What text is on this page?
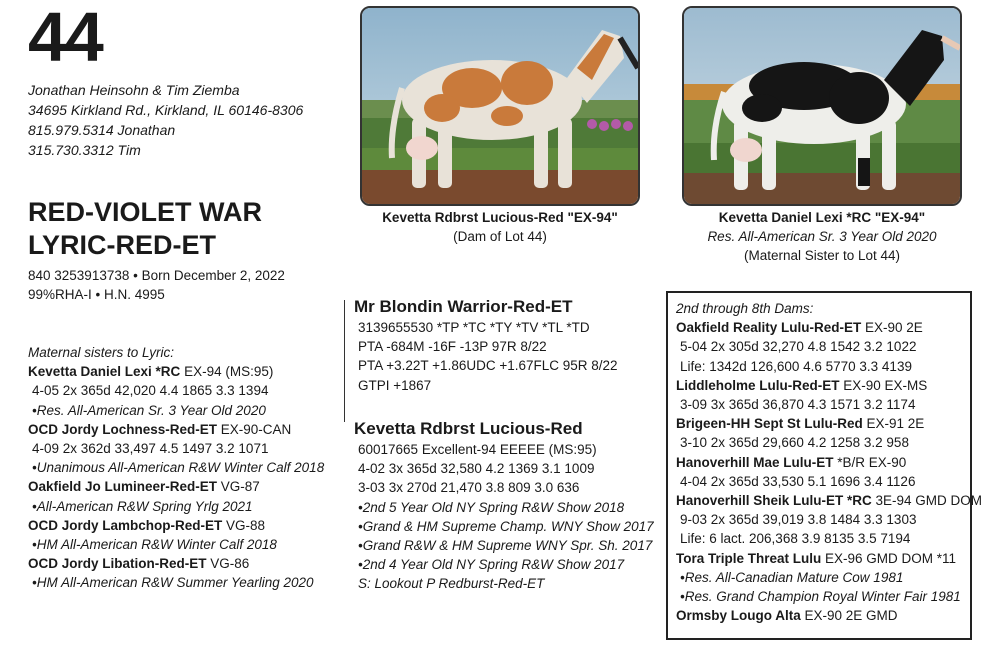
44
Jonathan Heinsohn & Tim Ziemba
34695 Kirkland Rd., Kirkland, IL 60146-8306
815.979.5314 Jonathan
315.730.3312 Tim
RED-VIOLET WAR
LYRIC-RED-ET
840 3253913738 • Born December 2, 2022
99%RHA-I • H.N. 4995
Maternal sisters to Lyric:
Kevetta Daniel Lexi *RC EX-94 (MS:95)
4-05 2x 365d 42,020 4.4 1865 3.3 1394
•Res. All-American Sr. 3 Year Old 2020
OCD Jordy Lochness-Red-ET EX-90-CAN
4-09 2x 362d 33,497 4.5 1497 3.2 1071
•Unanimous All-American R&W Winter Calf 2018
Oakfield Jo Lumineer-Red-ET VG-87
•All-American R&W Spring Yrlg 2021
OCD Jordy Lambchop-Red-ET VG-88
•HM All-American R&W Winter Calf 2018
OCD Jordy Libation-Red-ET VG-86
•HM All-American R&W Summer Yearling 2020
Kevetta Rdbrst Lucious-Red "EX-94"
(Dam of Lot 44)
Kevetta Daniel Lexi *RC "EX-94"
Res. All-American Sr. 3 Year Old 2020
(Maternal Sister to Lot 44)
Mr Blondin Warrior-Red-ET
3139655530 *TP *TC *TY *TV *TL *TD
PTA -684M -16F -13P 97R 8/22
PTA +3.22T +1.86UDC +1.67FLC 95R 8/22
GTPI +1867
Kevetta Rdbrst Lucious-Red
60017665 Excellent-94 EEEEE (MS:95)
4-02 3x 365d 32,580 4.2 1369 3.1 1009
3-03 3x 270d 21,470 3.8 809 3.0 636
•2nd 5 Year Old NY Spring R&W Show 2018
•Grand & HM Supreme Champ. WNY Show 2017
•Grand R&W & HM Supreme WNY Spr. Sh. 2017
•2nd 4 Year Old NY Spring R&W Show 2017
S: Lookout P Redburst-Red-ET
2nd through 8th Dams:
Oakfield Reality Lulu-Red-ET EX-90 2E
5-04 2x 305d 32,270 4.8 1542 3.2 1022
Life: 1342d 126,600 4.6 5770 3.3 4139
Liddleholme Lulu-Red-ET EX-90 EX-MS
3-09 3x 365d 36,870 4.3 1571 3.2 1174
Brigeen-HH Sept St Lulu-Red EX-91 2E
3-10 2x 365d 29,660 4.2 1258 3.2 958
Hanoverhill Mae Lulu-ET *B/R EX-90
4-04 2x 365d 33,530 5.1 1696 3.4 1126
Hanoverhill Sheik Lulu-ET *RC 3E-94 GMD DOM
9-03 2x 365d 39,019 3.8 1484 3.3 1303
Life: 6 lact. 206,368 3.9 8135 3.5 7194
Tora Triple Threat Lulu EX-96 GMD DOM *11
•Res. All-Canadian Mature Cow 1981
•Res. Grand Champion Royal Winter Fair 1981
Ormsby Lougo Alta EX-90 2E GMD
